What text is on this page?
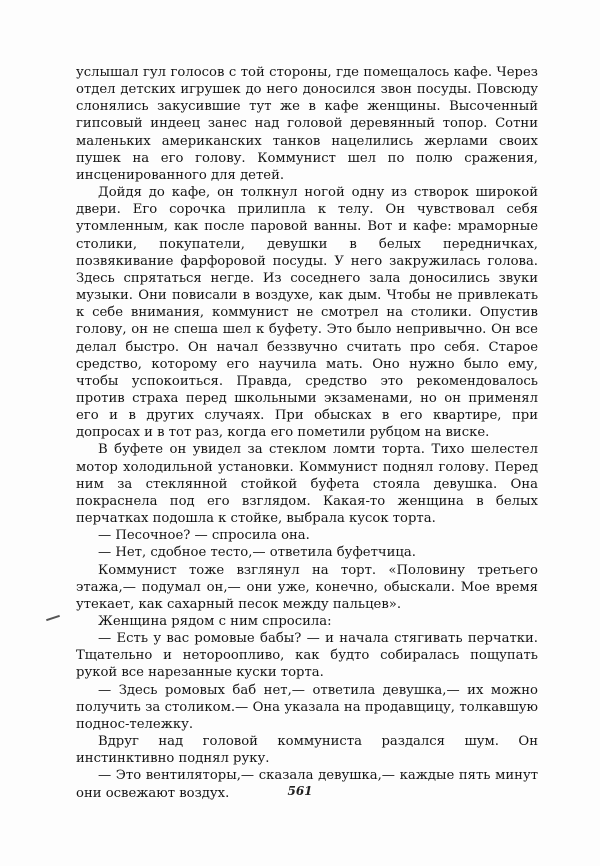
услышал гул голосов с той стороны, где помещалось кафе. Через отдел детских игрушек до него доносился звон посуды. Повсюду слонялись закусившие тут же в кафе женщины. Высоченный гипсовый индеец занес над головой деревянный топор. Сотни маленьких американских танков нацелились жерлами своих пушек на его голову. Коммунист шел по полю сражения, инсценированного для детей.

Дойдя до кафе, он толкнул ногой одну из створок широкой двери. Его сорочка прилипла к телу. Он чувствовал себя утомленным, как после паровой ванны. Вот и кафе: мраморные столики, покупатели, девушки в белых передничках, позвякивание фарфоровой посуды. У него закружилась голова. Здесь спрятаться негде. Из соседнего зала доносились звуки музыки. Они повисали в воздухе, как дым. Чтобы не привлекать к себе внимания, коммунист не смотрел на столики. Опустив голову, он не спеша шел к буфету. Это было непривычно. Он все делал быстро. Он начал беззвучно считать про себя. Старое средство, которому его научила мать. Оно нужно было ему, чтобы успокоиться. Правда, средство это рекомендовалось против страха перед школьными экзаменами, но он применял его и в других случаях. При обысках в его квартире, при допросах и в тот раз, когда его пометили рубцом на виске.

В буфете он увидел за стеклом ломти торта. Тихо шелестел мотор холодильной установки. Коммунист поднял голову. Перед ним за стеклянной стойкой буфета стояла девушка. Она покраснела под его взглядом. Какая-то женщина в белых перчатках подошла к стойке, выбрала кусок торта.

— Песочное? — спросила она.

— Нет, сдобное тесто,— ответила буфетчица.

Коммунист тоже взглянул на торт. «Половину третьего этажа,— подумал он,— они уже, конечно, обыскали. Мое время утекает, как сахарный песок между пальцев».

Женщина рядом с ним спросила:

— Есть у вас ромовые бабы? — и начала стягивать перчатки. Тщательно и нетороопливо, как будто собиралась пощупать рукой все нарезанные куски торта.

— Здесь ромовых баб нет,— ответила девушка,— их можно получить за столиком.— Она указала на продавщицу, толкавшую поднос-тележку.

Вдруг над головой коммуниста раздался шум. Он инстинктивно поднял руку.

— Это вентиляторы,— сказала девушка,— каждые пять минут они освежают воздух.	561
